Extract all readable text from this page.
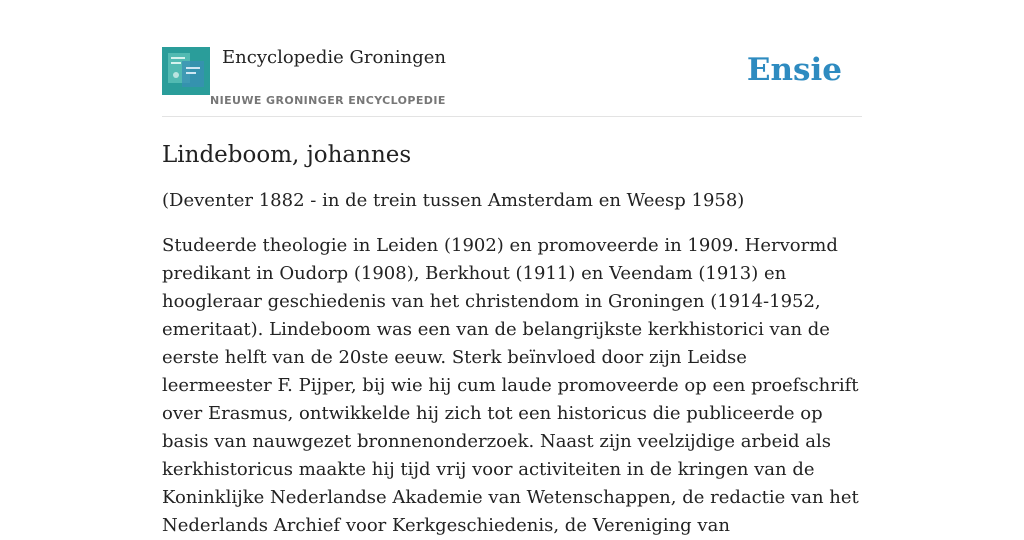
Encyclopedie Groningen
NIEUWE GRONINGER ENCYCLOPEDIE
Ensie
Lindeboom, johannes

(Deventer 1882 - in de trein tussen Amsterdam en Weesp 1958)

Studeerde theologie in Leiden (1902) en promoveerde in 1909. Hervormd predikant in Oudorp (1908), Berkhout (1911) en Veendam (1913) en hoogleraar geschiedenis van het christendom in Groningen (1914-1952, emeritaat). Lindeboom was een van de belangrijkste kerkhistorici van de eerste helft van de 20ste eeuw. Sterk beïnvloed door zijn Leidse leermeester F. Pijper, bij wie hij cum laude promoveerde op een proefschrift over Erasmus, ontwikkelde hij zich tot een historicus die publiceerde op basis van nauwgezet bronnenonderzoek. Naast zijn veelzijdige arbeid als kerkhistoricus maakte hij tijd vrij voor activiteiten in de kringen van de Koninklijke Nederlandse Akademie van Wetenschappen, de redactie van het Nederlands Archief voor Kerkgeschiedenis, de Vereniging van
